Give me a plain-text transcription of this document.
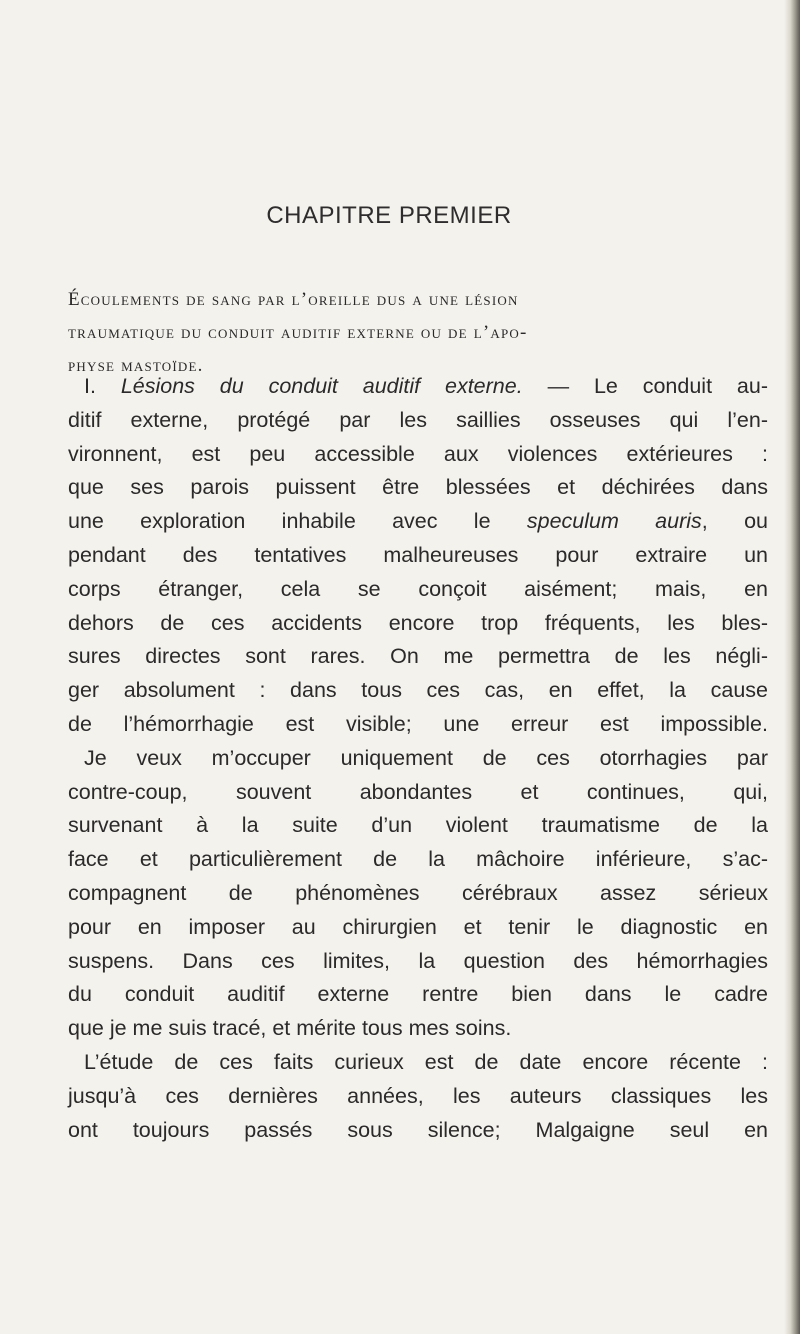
CHAPITRE PREMIER
Écoulements de sang par l’oreille dus a une lésion
traumatique du conduit auditif externe ou de l’apo-
physe mastoïde.
I. Lésions du conduit auditif externe. — Le conduit au-
ditif externe, protégé par les saillies osseuses qui l’en-
vironnent, est peu accessible aux violences extérieures :
que ses parois puissent être blessées et déchirées dans
une exploration inhabile avec le speculum auris, ou
pendant des tentatives malheureuses pour extraire un
corps étranger, cela se conçoit aisément; mais, en
dehors de ces accidents encore trop fréquents, les bles-
sures directes sont rares. On me permettra de les négli-
ger absolument : dans tous ces cas, en effet, la cause
de l’hémorrhagie est visible; une erreur est impossible.
Je veux m’occuper uniquement de ces otorrhagies par
contre-coup, souvent abondantes et continues, qui,
survenant à la suite d’un violent traumatisme de la
face et particulièrement de la mâchoire inférieure, s’ac-
compagnent de phénomènes cérébraux assez sérieux
pour en imposer au chirurgien et tenir le diagnostic en
suspens. Dans ces limites, la question des hémorrhagies
du conduit auditif externe rentre bien dans le cadre
que je me suis tracé, et mérite tous mes soins.
L’étude de ces faits curieux est de date encore récente :
jusqu’à ces dernières années, les auteurs classiques les
ont toujours passés sous silence; Malgaigne seul en
